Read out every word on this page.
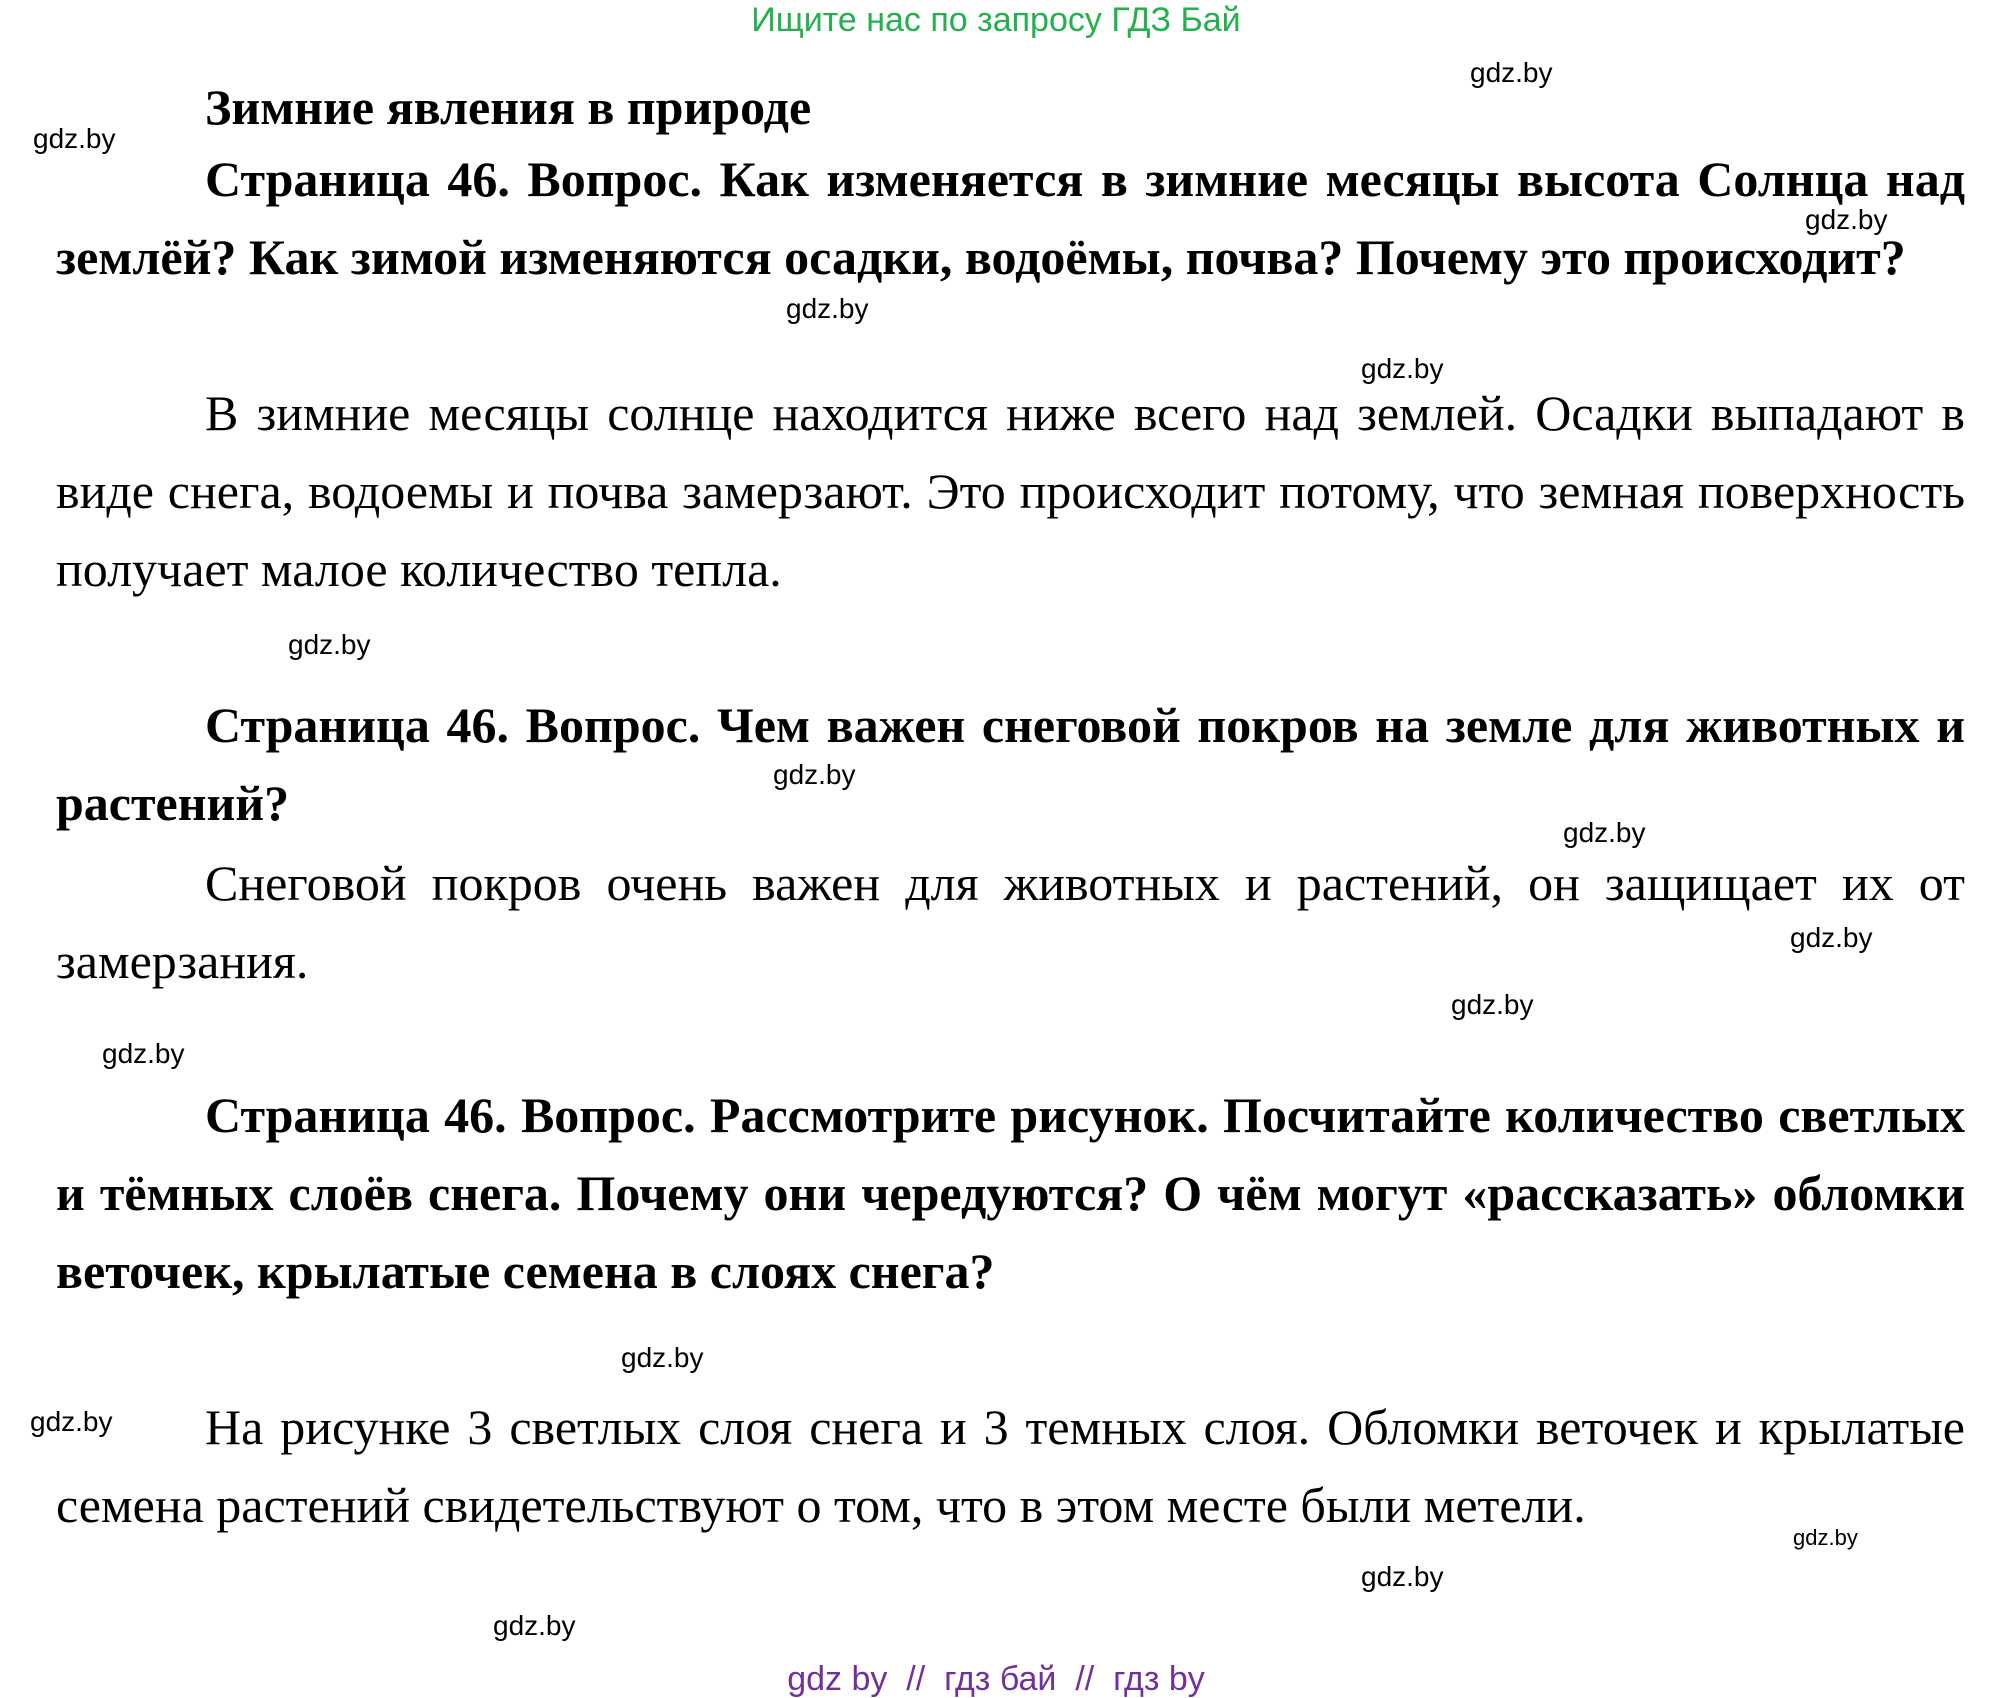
Ищите нас по запросу ГДЗ Бай
Зимние явления в природе

Страница 46. Вопрос. Как изменяется в зимние месяцы высота Солнца над землёй? Как зимой изменяются осадки, водоёмы, почва? Почему это происходит?

В зимние месяцы солнце находится ниже всего над землей. Осадки выпадают в виде снега, водоемы и почва замерзают. Это происходит потому, что земная поверхность получает малое количество тепла.

Страница 46. Вопрос. Чем важен снеговой покров на земле для животных и растений?

Снеговой покров очень важен для животных и растений, он защищает их от замерзания.

Страница 46. Вопрос. Рассмотрите рисунок. Посчитайте количество светлых и тёмных слоёв снега. Почему они чередуются? О чём могут «рассказать» обломки веточек, крылатые семена в слоях снега?

На рисунке 3 светлых слоя снега и 3 темных слоя. Обломки веточек и крылатые семена растений свидетельствуют о том, что в этом месте были метели.

gdz.by
gdz.by
gdz.by
gdz.by
gdz.by
gdz.by
gdz.by
gdz.by
gdz.by
gdz.by
gdz.by
gdz.by
gdz.by
gdz.by
gdz.by
gdz.by
gdz by  //  гдз бай  //  гдз by
